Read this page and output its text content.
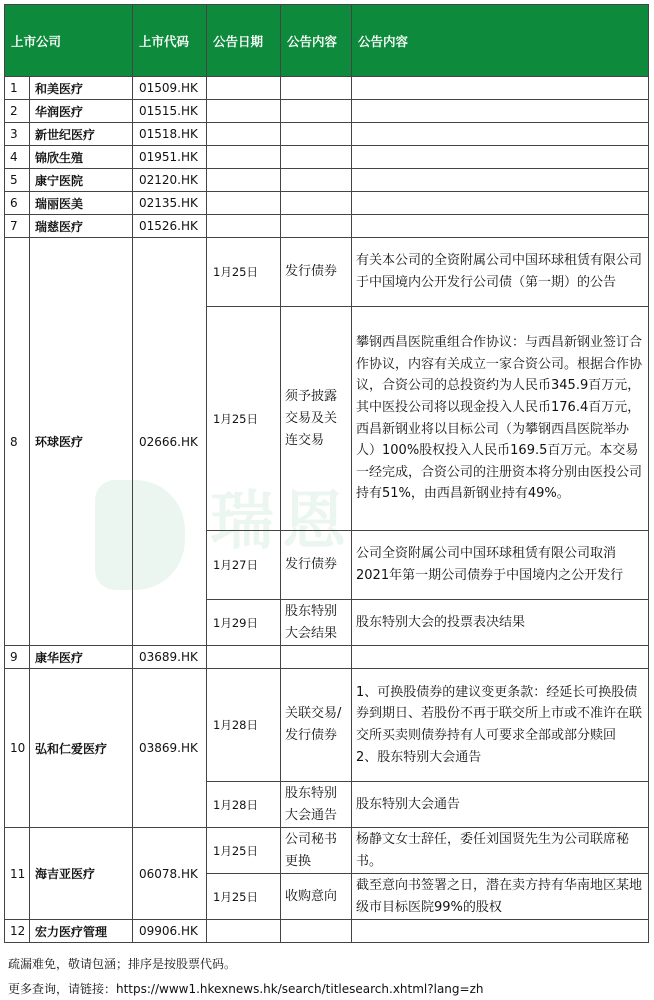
瑞恩
上市公司		上市代码	公告日期	公告内容	公告内容
1	和美医疗	01509.HK			
2	华润医疗	01515.HK			
3	新世纪医疗	01518.HK			
4	锦欣生殖	01951.HK			
5	康宁医院	02120.HK			
6	瑞丽医美	02135.HK			
7	瑞慈医疗	01526.HK			
8	环球医疗	02666.HK	1月25日	发行债券	有关本公司的全资附属公司中国环球租赁有限公司于中国境内公开发行公司债（第一期）的公告
			1月25日	须予披露交易及关连交易	攀钢西昌医院重组合作协议：与西昌新钢业签订合作协议，内容有关成立一家合资公司。根据合作协议，合资公司的总投资约为人民币345.9百万元，其中医投公司将以现金投入人民币176.4百万元，西昌新钢业将以目标公司（为攀钢西昌医院举办人）100%股权投入人民币169.5百万元。本交易一经完成，合资公司的注册资本将分别由医投公司持有51%，由西昌新钢业持有49%。
			1月27日	发行债券	公司全资附属公司中国环球租赁有限公司取消2021年第一期公司债券于中国境内之公开发行
			1月29日	股东特别大会结果	股东特别大会的投票表决结果
9	康华医疗	03689.HK			
10	弘和仁爱医疗	03869.HK	1月28日	关联交易/发行债券	1、可换股债券的建议变更条款：经延长可换股债券到期日、若股份不再于联交所上市或不准许在联交所买卖则债券持有人可要求全部或部分赎回
2、股东特别大会通告
			1月28日	股东特别大会通告	股东特别大会通告
11	海吉亚医疗	06078.HK	1月25日	公司秘书更换	杨静文女士辞任，委任刘国贤先生为公司联席秘书。
			1月25日	收购意向	截至意向书签署之日，潜在卖方持有华南地区某地级市目标医院99%的股权
12	宏力医疗管理	09906.HK			
疏漏难免，敬请包涵；排序是按股票代码。
更多查询，请链接：https://www1.hkexnews.hk/search/titlesearch.xhtml?lang=zh
